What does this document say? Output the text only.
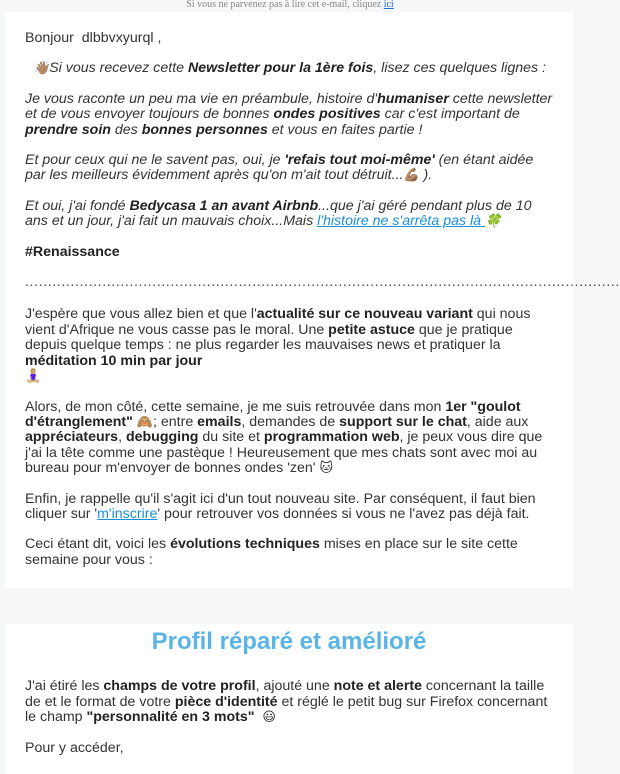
Si vous ne parvenez pas à lire cet e-mail, cliquez ici

Bonjour dlbbvxyurql ,

👋🏽Si vous recevez cette Newsletter pour la 1ère fois, lisez ces quelques lignes :

Je vous raconte un peu ma vie en préambule, histoire d'humaniser cette newsletter et de vous envoyer toujours de bonnes ondes positives car c'est important de prendre soin des bonnes personnes et vous en faites partie !

Et pour ceux qui ne le savent pas, oui, je 'refais tout moi-même' (en étant aidée par les meilleurs évidemment après qu'on m'ait tout détruit...💪🏽 ).

Et oui, j'ai fondé Bedycasa 1 an avant Airbnb...que j'ai géré pendant plus de 10 ans et un jour, j'ai fait un mauvais choix...Mais l'histoire ne s'arrêta pas là 🍀

#Renaissance

...................................................................................................................................

J'espère que vous allez bien et que l'actualité sur ce nouveau variant qui nous vient d'Afrique ne vous casse pas le moral. Une petite astuce que je pratique depuis quelque temps : ne plus regarder les mauvaises news et pratiquer la méditation 10 min par jour
🧘🏼‍♀️

Alors, de mon côté, cette semaine, je me suis retrouvée dans mon 1er "goulot d'étranglement" 🙈; entre emails, demandes de support sur le chat, aide aux appréciateurs, debugging du site et programmation web, je peux vous dire que j'ai la tête comme une pastèque ! Heureusement que mes chats sont avec moi au bureau pour m'envoyer de bonnes ondes 'zen' 🐱

Enfin, je rappelle qu'il s'agit ici d'un tout nouveau site. Par conséquent, il faut bien cliquer sur 'm'inscrire' pour retrouver vos données si vous ne l'avez pas déjà fait.

Ceci étant dit, voici les évolutions techniques mises en place sur le site cette semaine pour vous :

Profil réparé et amélioré

J'ai étiré les champs de votre profil, ajouté une note et alerte concernant la taille de et le format de votre pièce d'identité et réglé le petit bug sur Firefox concernant le champ "personnalité en 3 mots" 😃

Pour y accéder,
